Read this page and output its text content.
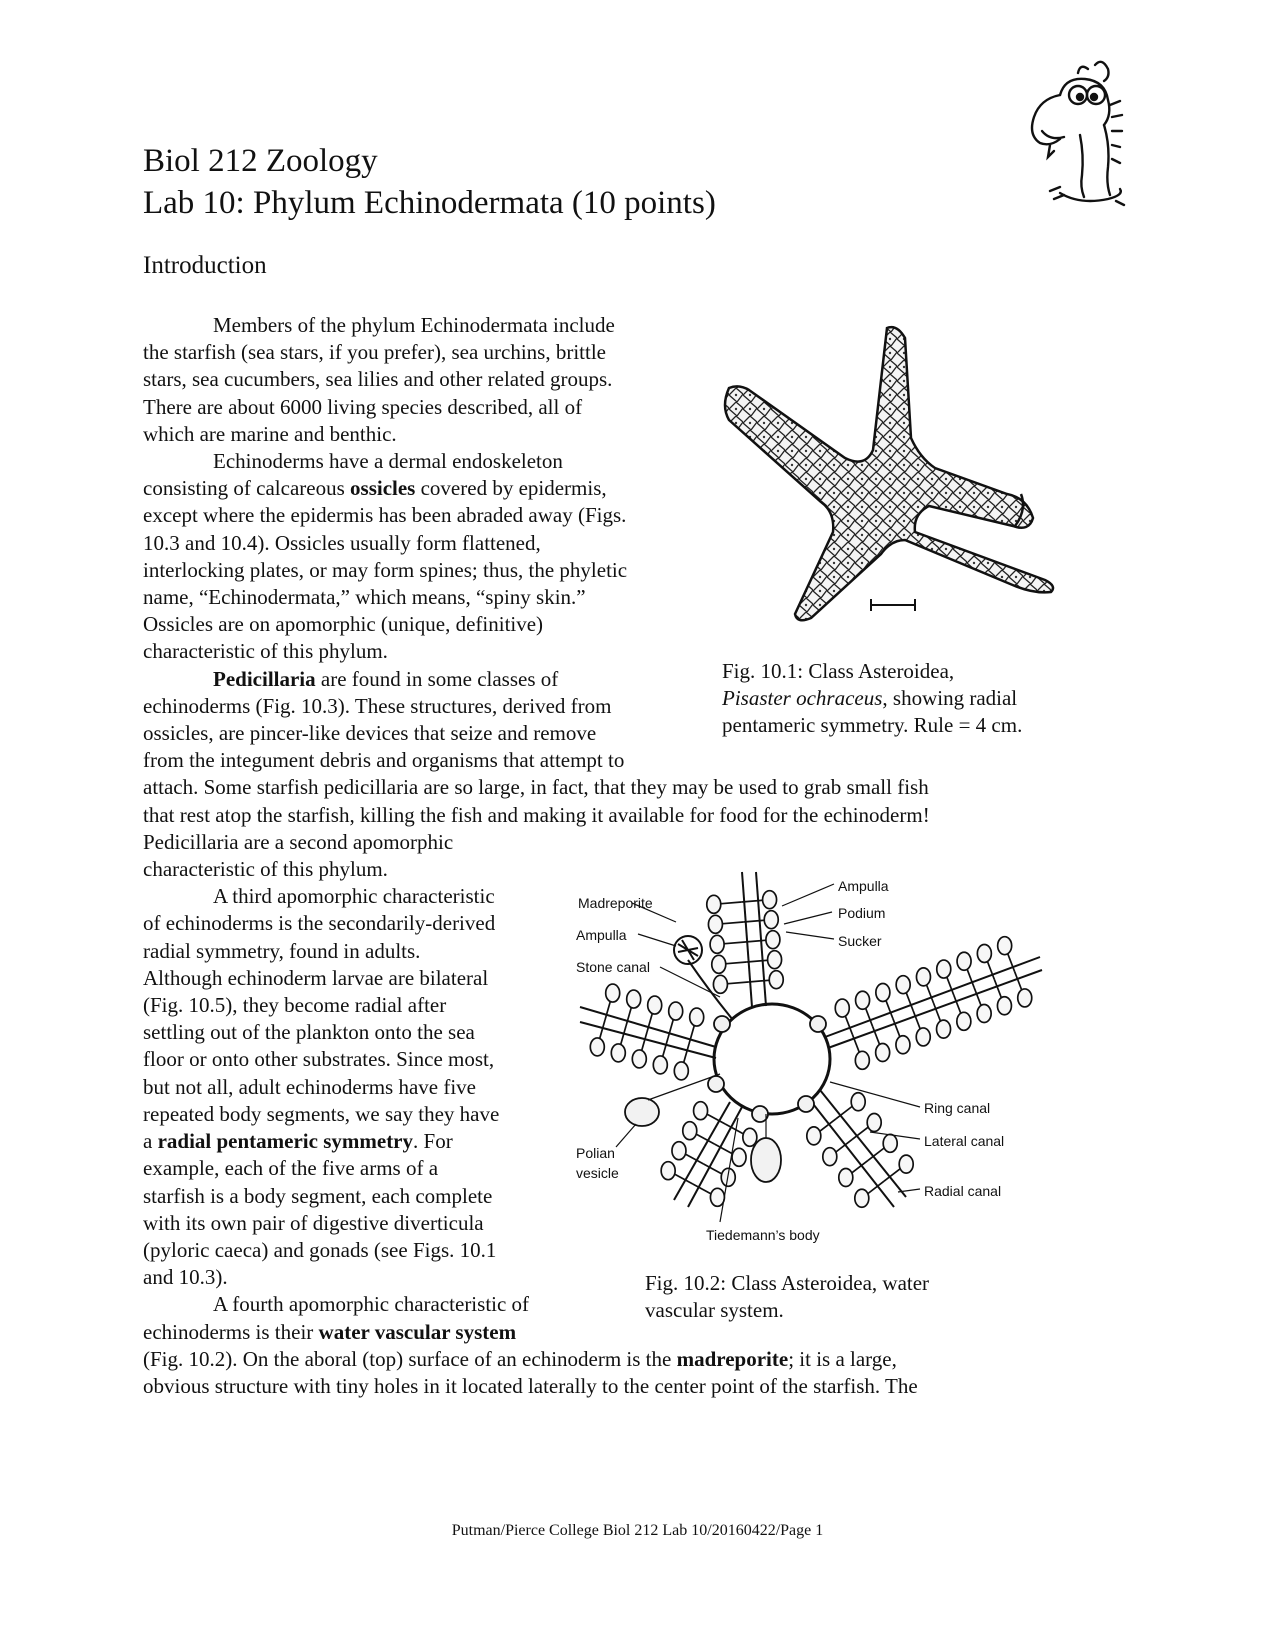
Biol 212 Zoology
Lab 10: Phylum Echinodermata (10 points)
Introduction

Members of the phylum Echinodermata include

the starfish (sea stars, if you prefer), sea urchins, brittle

stars, sea cucumbers, sea lilies and other related groups.

There are about 6000 living species described, all of

which are marine and benthic.

Echinoderms have a dermal endoskeleton

consisting of calcareous ossicles covered by epidermis,

except where the epidermis has been abraded away (Figs.

10.3 and 10.4). Ossicles usually form flattened,

interlocking plates, or may form spines; thus, the phyletic

name, “Echinodermata,” which means, “spiny skin.”

Ossicles are on apomorphic (unique, definitive)

characteristic of this phylum.

Pedicillaria are found in some classes of

echinoderms (Fig. 10.3). These structures, derived from

ossicles, are pincer-like devices that seize and remove

from the integument debris and organisms that attempt to

attach. Some starfish pedicillaria are so large, in fact, that they may be used to grab small fish

that rest atop the starfish, killing the fish and making it available for food for the echinoderm!

Pedicillaria are a second apomorphic

characteristic of this phylum.

A third apomorphic characteristic

of echinoderms is the secondarily-derived

radial symmetry, found in adults.

Although echinoderm larvae are bilateral

(Fig. 10.5), they become radial after

settling out of the plankton onto the sea

floor or onto other substrates. Since most,

but not all, adult echinoderms have five

repeated body segments, we say they have

a radial pentameric symmetry. For

example, each of the five arms of a

starfish is a body segment, each complete

with its own pair of digestive diverticula

(pyloric caeca) and gonads (see Figs. 10.1

and 10.3).

A fourth apomorphic characteristic of

echinoderms is their water vascular system

(Fig. 10.2). On the aboral (top) surface of an echinoderm is the madreporite; it is a large,

obvious structure with tiny holes in it located laterally to the center point of the starfish. The

Fig. 10.1: Class Asteroidea,
Pisaster ochraceus, showing radial
pentameric symmetry. Rule = 4 cm.
Madreporite
Ampulla
Stone canal
Ampulla
Podium
Sucker
Ring canal
Lateral canal
Radial canal
Polian
vesicle
Tiedemann’s body
Fig. 10.2: Class Asteroidea, water
vascular system.
Putman/Pierce College Biol 212 Lab 10/20160422/Page 1
